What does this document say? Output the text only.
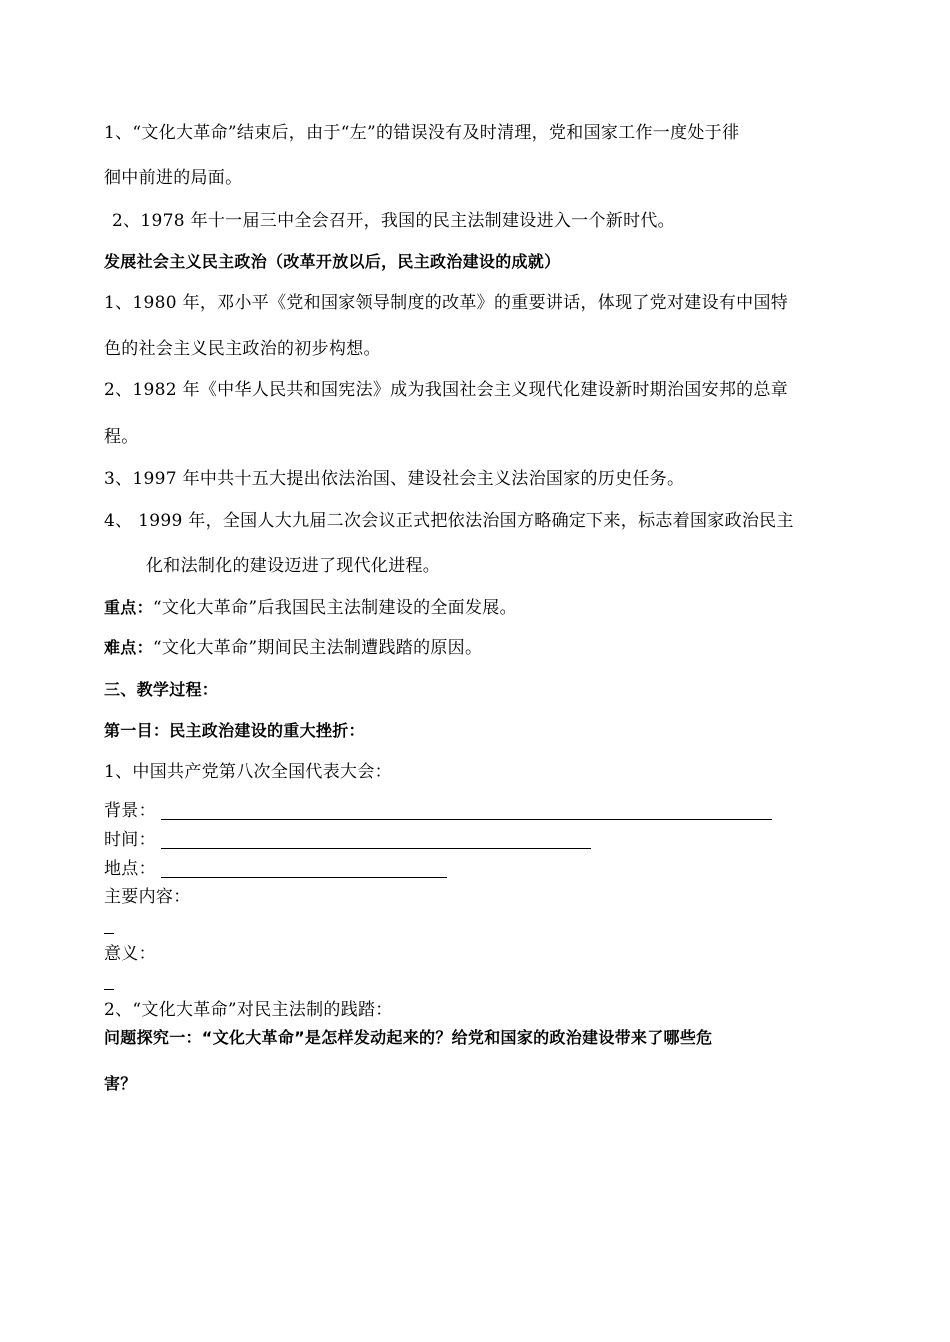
1、“文化大革命”结束后，由于“左”的错误没有及时清理，党和国家工作一度处于徘
徊中前进的局面。
2、1978 年十一届三中全会召开，我国的民主法制建设进入一个新时代。
发展社会主义民主政治（改革开放以后，民主政治建设的成就）
1、1980 年，邓小平《党和国家领导制度的改革》的重要讲话，体现了党对建设有中国特
色的社会主义民主政治的初步构想。
2、1982 年《中华人民共和国宪法》成为我国社会主义现代化建设新时期治国安邦的总章
程。
3、1997 年中共十五大提出依法治国、建设社会主义法治国家的历史任务。
4、 1999 年，全国人大九届二次会议正式把依法治国方略确定下来，标志着国家政治民主
化和法制化的建设迈进了现代化进程。
重点：“文化大革命”后我国民主法制建设的全面发展。
难点：“文化大革命”期间民主法制遭践踏的原因。
三、教学过程：
第一目：民主政治建设的重大挫折：
1、中国共产党第八次全国代表大会：
背景：
时间：
地点：
主要内容：
意义：
2、“文化大革命”对民主法制的践踏：
问题探究一：“文化大革命”是怎样发动起来的？给党和国家的政治建设带来了哪些危
害？
